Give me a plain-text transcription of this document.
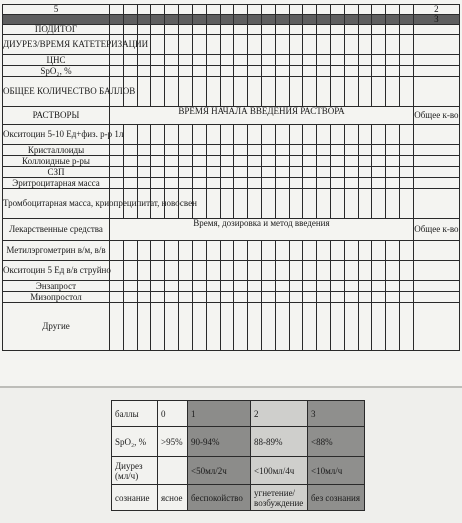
5																							2
																							3
ПОДИТОГ																							
ДИУРЕЗ/ВРЕМЯ КАТЕТЕРИЗАЦИИ																							
ЦНС																							
SpO₂, %																							
ОБЩЕЕ КОЛИЧЕСТВО БАЛЛОВ																							
РАСТВОРЫ	ВРЕМЯ НАЧАЛА ВВЕДЕНИЯ РАСТВОРА																						Общее к-во
Окситоцин 5-10 Ед+физ. р-р 1л																							
Кристаллоиды																							
Коллоидные р-ры																							
СЗП																							
Эритроцитарная масса																							
Тромбоцитарная масса, криопреципитат, новосвен																							
Лекарственные средства	Время, дозировка и метод введения																						Общее к-во
Метилэргометрин в/м, в/в																							
Окситоцин 5 Ед в/в струйно																							
Энзапрост																							
Мизопростол																							
Другие																							
баллы	0	1	2	3
SpO₂, %	>95%	90-94%	88-89%	<88%
Диурез (мл/ч)		<50мл/2ч	<100мл/4ч	<10мл/ч
сознание	ясное	беспокойство	угнетение/ возбуждение	без сознания
